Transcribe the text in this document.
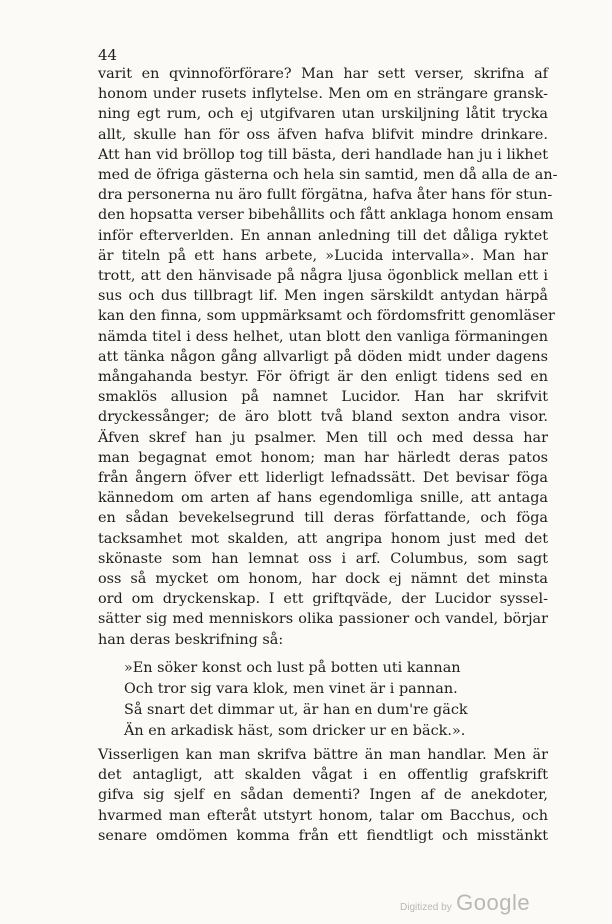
44
varit en qvinnoförförare? Man har sett verser, skrifna af
honom under rusets inflytelse. Men om en strängare gransk-
ning egt rum, och ej utgifvaren utan urskiljning låtit trycka
allt, skulle han för oss äfven hafva blifvit mindre drinkare.
Att han vid bröllop tog till bästa, deri handlade han ju i likhet
med de öfriga gästerna och hela sin samtid, men då alla de an-
dra personerna nu äro fullt förgätna, hafva åter hans för stun-
den hopsatta verser bibehållits och fått anklaga honom ensam
inför efterverlden. En annan anledning till det dåliga ryktet
är titeln på ett hans arbete, »Lucida intervalla». Man har
trott, att den hänvisade på några ljusa ögonblick mellan ett i
sus och dus tillbragt lif. Men ingen särskildt antydan härpå
kan den finna, som uppmärksamt och fördomsfritt genomläser
nämda titel i dess helhet, utan blott den vanliga förmaningen
att tänka någon gång allvarligt på döden midt under dagens
mångahanda bestyr. För öfrigt är den enligt tidens sed en
smaklös allusion på namnet Lucidor. Han har skrifvit
dryckessånger; de äro blott två bland sexton andra visor.
Äfven skref han ju psalmer. Men till och med dessa har
man begagnat emot honom; man har härledt deras patos
från ångern öfver ett liderligt lefnadssätt. Det bevisar föga
kännedom om arten af hans egendomliga snille, att antaga
en sådan bevekelsegrund till deras författande, och föga
tacksamhet mot skalden, att angripa honom just med det
skönaste som han lemnat oss i arf. Columbus, som sagt
oss så mycket om honom, har dock ej nämnt det minsta
ord om dryckenskap. I ett griftqväde, der Lucidor syssel-
sätter sig med menniskors olika passioner och vandel, börjar
han deras beskrifning så:
»En söker konst och lust på botten uti kannan
Och tror sig vara klok, men vinet är i pannan.
Så snart det dimmar ut, är han en dum're gäck
Än en arkadisk häst, som dricker ur en bäck.».
Visserligen kan man skrifva bättre än man handlar. Men är
det antagligt, att skalden vågat i en offentlig grafskrift
gifva sig sjelf en sådan dementi? Ingen af de anekdoter,
hvarmed man efteråt utstyrt honom, talar om Bacchus, och
senare omdömen komma från ett fiendtligt och misstänkt
Digitized by Google
